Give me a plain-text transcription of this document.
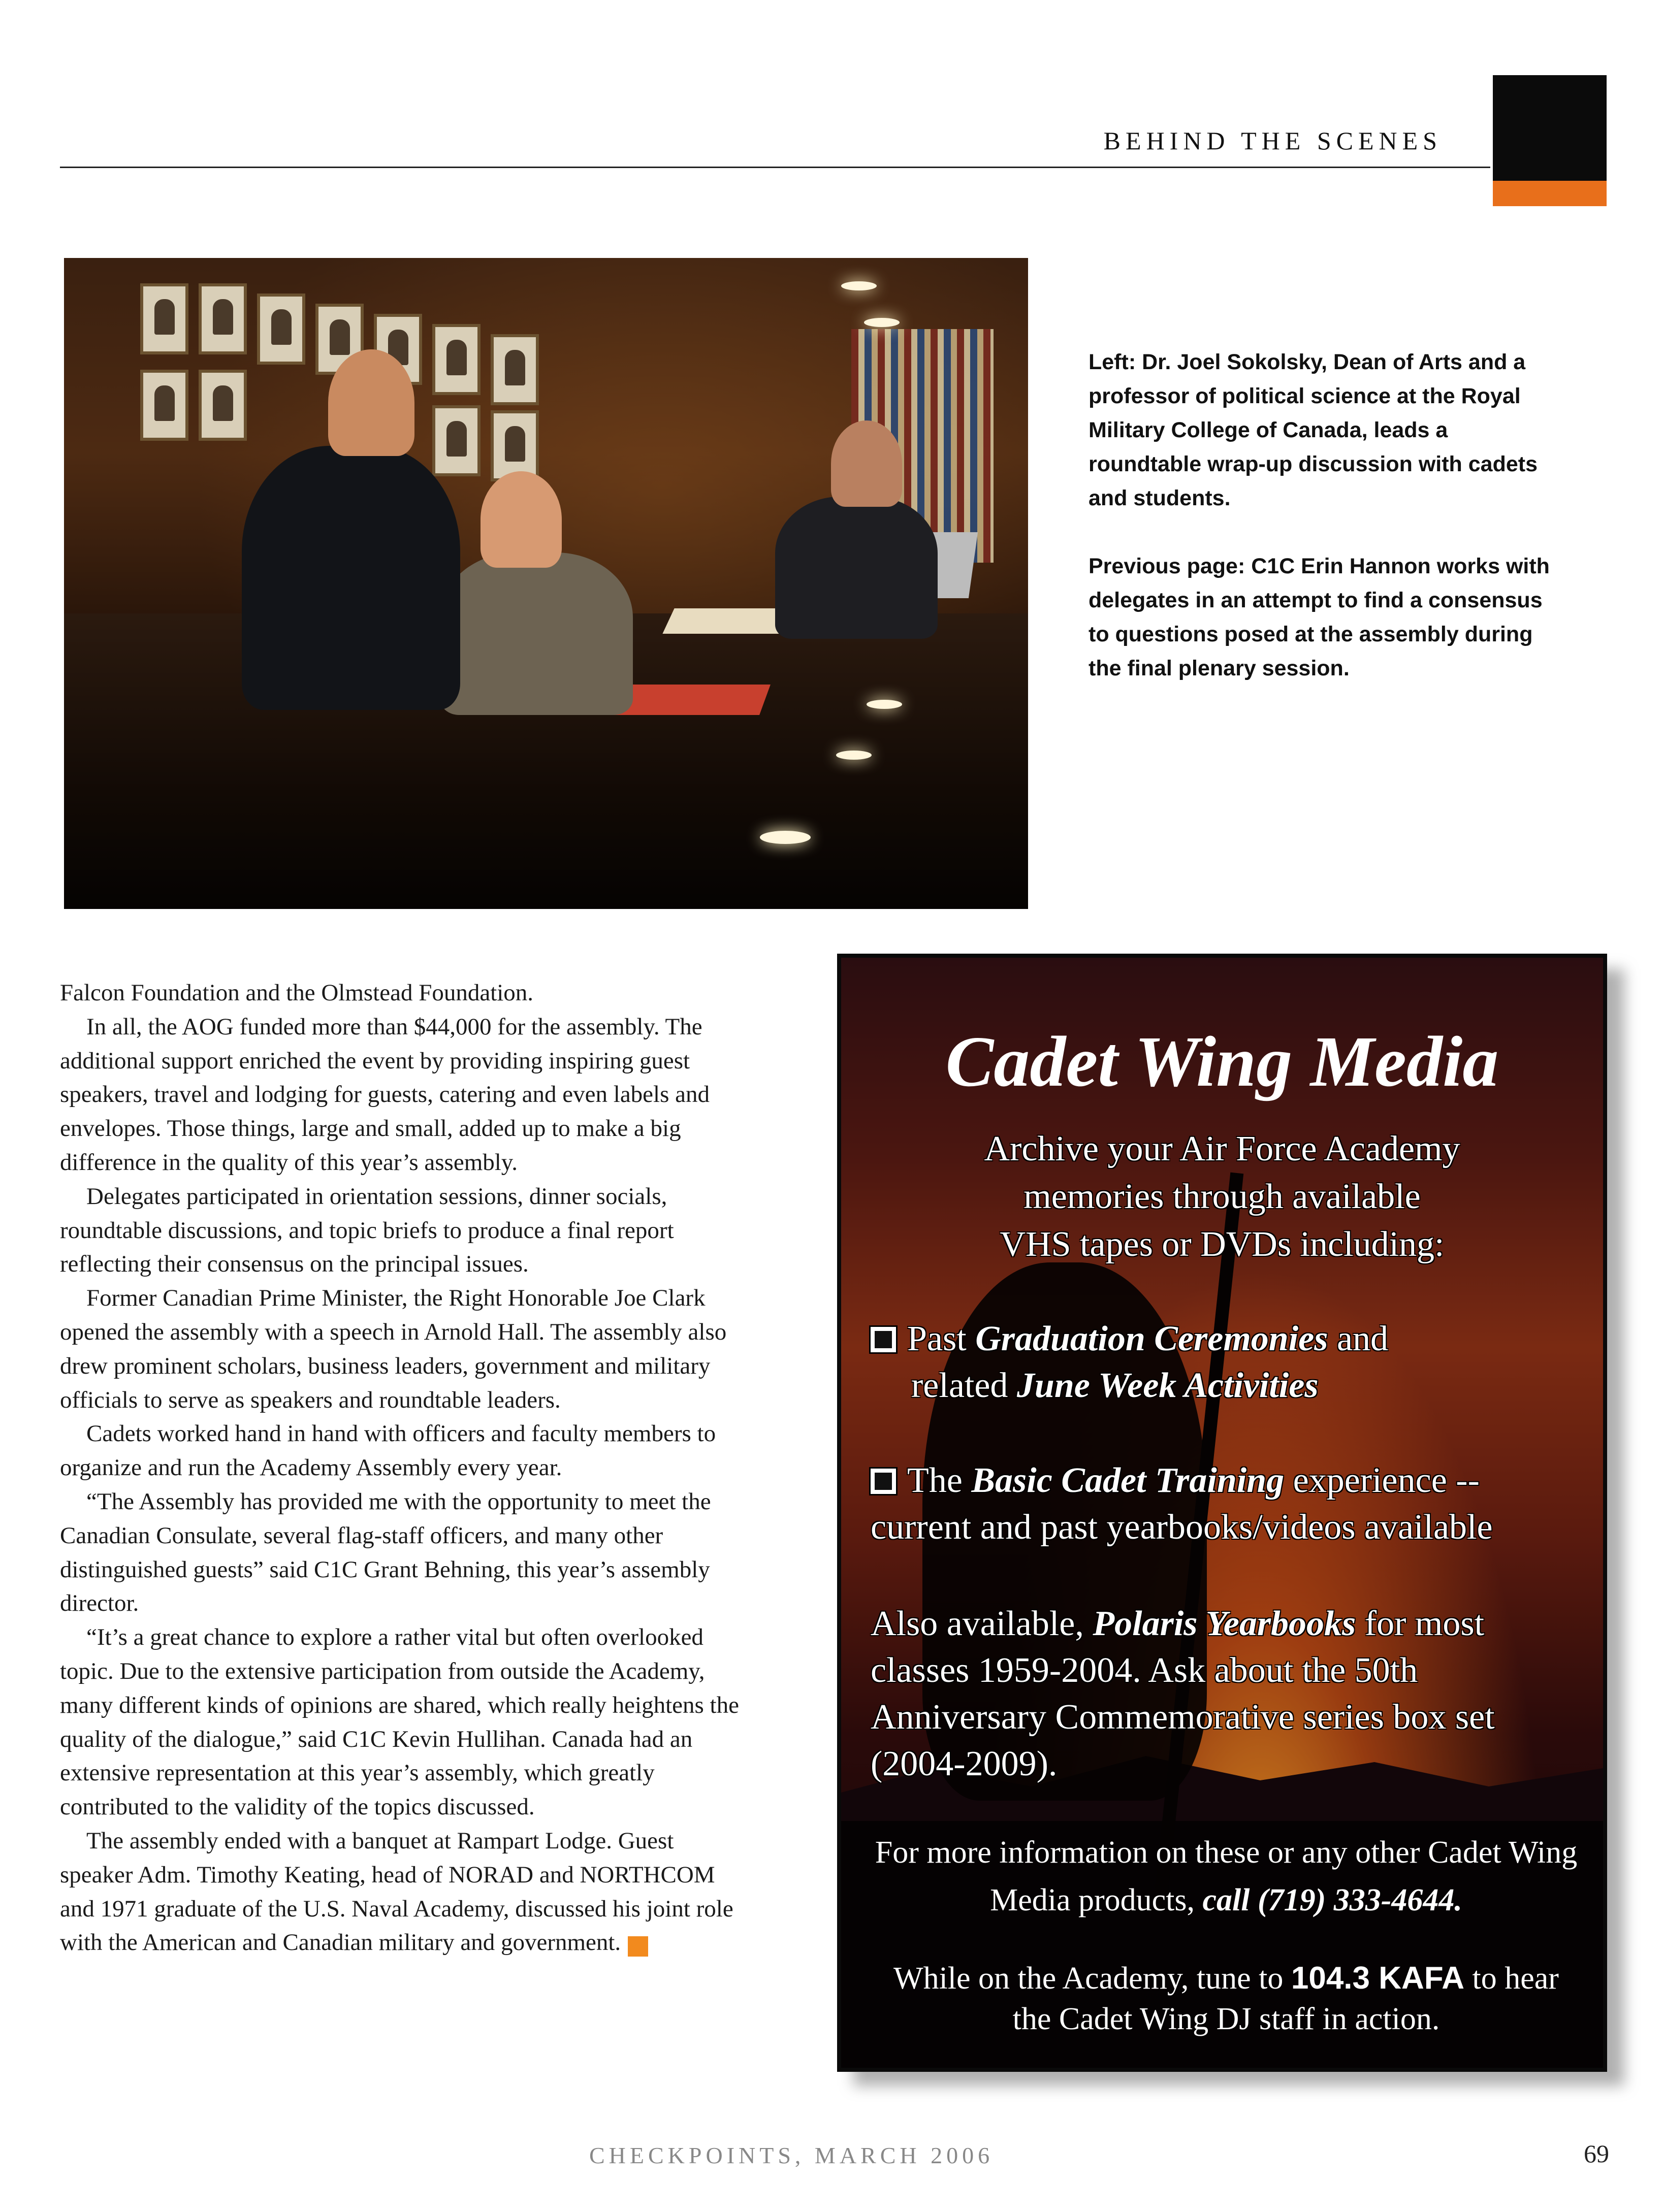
BEHIND THE SCENES
Left: Dr. Joel Sokolsky, Dean of Arts and a professor of political science at the Royal Military College of Canada, leads a roundtable wrap-up discussion with cadets and students.
Previous page: C1C Erin Hannon works with delegates in an attempt to find a consensus to questions posed at the assembly during the final plenary session.

Falcon Foundation and the Olmstead Foundation.

In all, the AOG funded more than $44,000 for the assembly. The additional support enriched the event by providing inspiring guest speakers, travel and lodging for guests, catering and even labels and envelopes. Those things, large and small, added up to make a big difference in the quality of this year’s assembly.

Delegates participated in orientation sessions, dinner socials, roundtable discussions, and topic briefs to produce a final report reflecting their consensus on the principal issues.

Former Canadian Prime Minister, the Right Honorable Joe Clark opened the assembly with a speech in Arnold Hall. The assembly also drew prominent scholars, business leaders, government and military officials to serve as speakers and roundtable leaders.

Cadets worked hand in hand with officers and faculty members to organize and run the Academy Assembly every year.

“The Assembly has provided me with the opportunity to meet the Canadian Consulate, several flag-staff officers, and many other distinguished guests” said C1C Grant Behning, this year’s assembly director.

“It’s a great chance to explore a rather vital but often overlooked topic. Due to the extensive participation from outside the Academy, many different kinds of opinions are shared, which really heightens the quality of the dialogue,” said C1C Kevin Hullihan. Canada had an extensive representation at this year’s assembly, which greatly contributed to the validity of the topics discussed.

The assembly ended with a banquet at Rampart Lodge. Guest speaker Adm. Timothy Keating, head of NORAD and NORTHCOM and 1971 graduate of the U.S. Naval Academy, discussed his joint role with the American and Canadian military and government. ✓

Cadet Wing Media
Archive your Air Force Academy
memories through available
VHS tapes or DVDs including:
Past Graduation Ceremonies and
related June Week Activities
The Basic Cadet Training experience --
current and past yearbooks/videos available
Also available, Polaris Yearbooks for most classes 1959-2004. Ask about the 50th Anniversary Commemorative series box set (2004-2009).
For more information on these or any other Cadet Wing Media products, call (719) 333-4644.
While on the Academy, tune to 104.3 KAFA to hear the Cadet Wing DJ staff in action.
CHECKPOINTS, MARCH 2006	69
